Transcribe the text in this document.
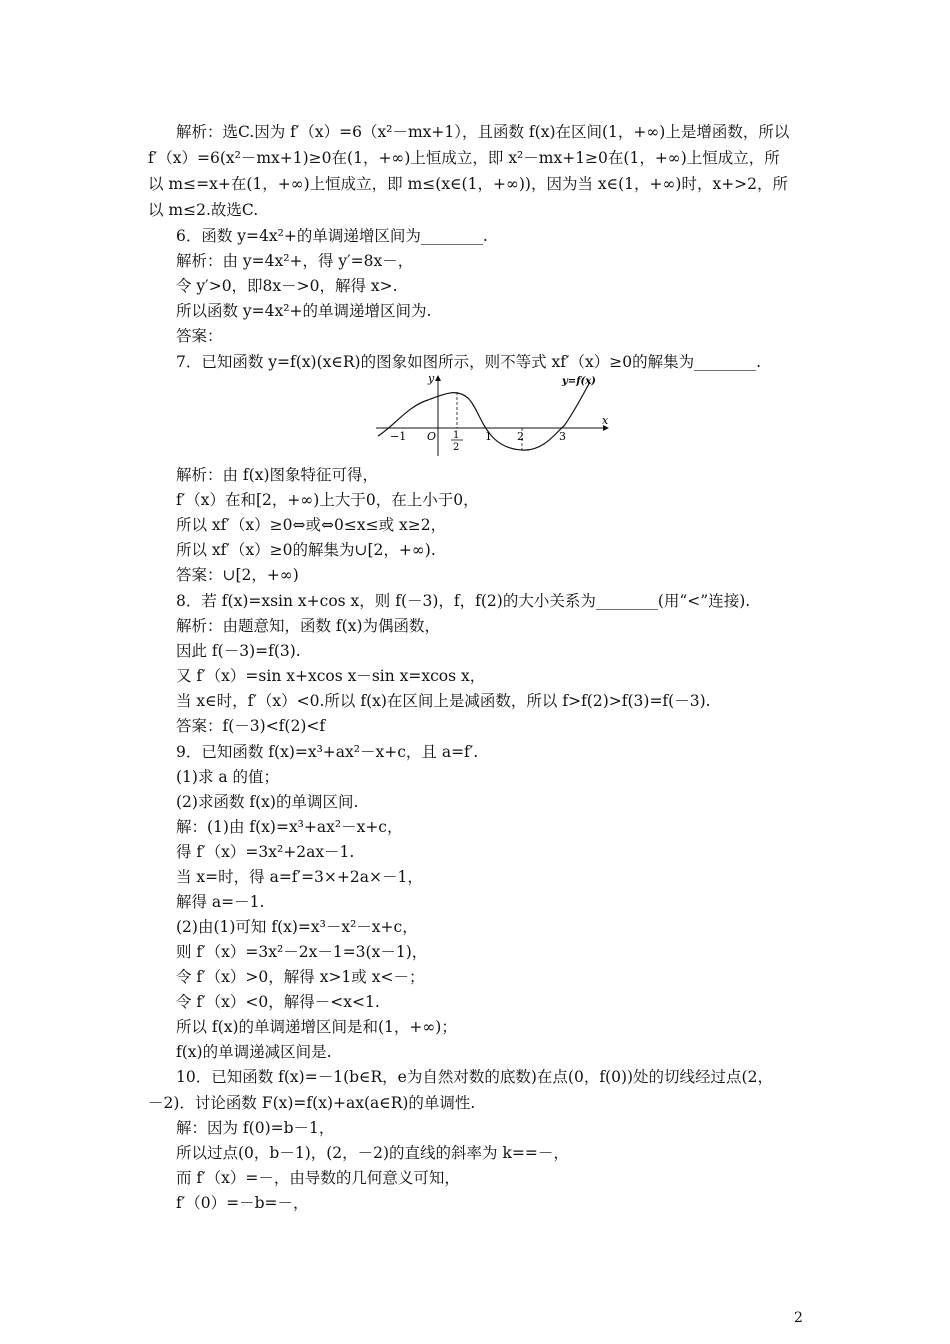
解析：选C.因为 f′（x）=6（x²－mx+1），且函数 f(x)在区间(1，+∞)上是增函数，所以
f′（x）=6(x²－mx+1)≥0在(1，+∞)上恒成立，即 x²－mx+1≥0在(1，+∞)上恒成立，所
以 m≤=x+在(1，+∞)上恒成立，即 m≤(x∈(1，+∞))，因为当 x∈(1，+∞)时，x+>2，所
以 m≤2.故选C.
6．函数 y=4x²+的单调递增区间为________.
解析：由 y=4x²+，得 y′=8x－，
令 y′>0，即8x－>0，解得 x>.
所以函数 y=4x²+的单调递增区间为.
答案：
7．已知函数 y=f(x)(x∈R)的图象如图所示，则不等式 xf′（x）≥0的解集为________.
y
x
y=f(x)
O
−1	1
2
1 2	3
解析：由 f(x)图象特征可得，
f′（x）在和[2，+∞)上大于0，在上小于0，
所以 xf′（x）≥0⇔或⇔0≤x≤或 x≥2，
所以 xf′（x）≥0的解集为∪[2，+∞).
答案：∪[2，+∞)
8．若 f(x)=xsin x+cos x，则 f(－3)，f，f(2)的大小关系为________(用“<”连接).
解析：由题意知，函数 f(x)为偶函数，
因此 f(－3)=f(3).
又 f′（x）=sin x+xcos x－sin x=xcos x，
当 x∈时，f′（x）<0.所以 f(x)在区间上是减函数，所以 f>f(2)>f(3)=f(－3).
答案：f(－3)<f(2)<f
9．已知函数 f(x)=x³+ax²－x+c，且 a=f′.
(1)求 a 的值；
(2)求函数 f(x)的单调区间.
解：(1)由 f(x)=x³+ax²－x+c，
得 f′（x）=3x²+2ax－1.
当 x=时，得 a=f′=3×+2a×－1，
解得 a=－1.
(2)由(1)可知 f(x)=x³－x²－x+c，
则 f′（x）=3x²－2x－1=3(x－1)，
令 f′（x）>0，解得 x>1或 x<－；
令 f′（x）<0，解得－<x<1.
所以 f(x)的单调递增区间是和(1，+∞)；
f(x)的单调递减区间是.
10．已知函数 f(x)=－1(b∈R，e为自然对数的底数)在点(0，f(0))处的切线经过点(2，
－2)．讨论函数 F(x)=f(x)+ax(a∈R)的单调性.
解：因为 f(0)=b－1，
所以过点(0，b－1)，(2，－2)的直线的斜率为 k==－，
而 f′（x）=－，由导数的几何意义可知，
f′（0）=－b=－，
2
